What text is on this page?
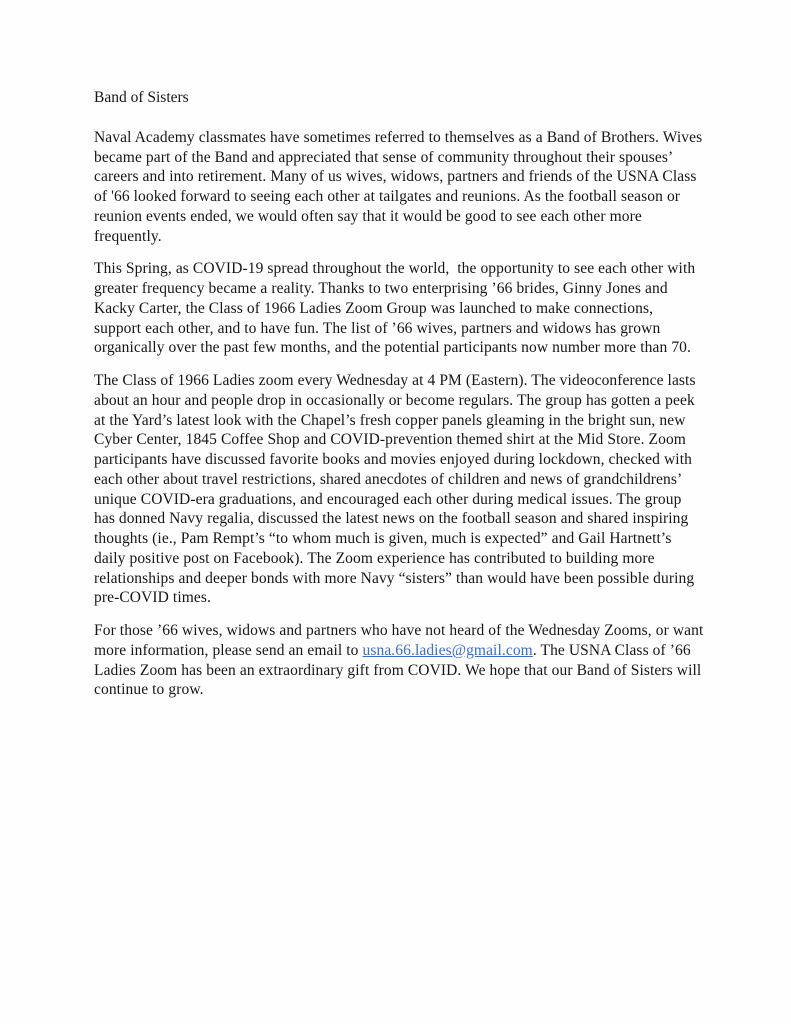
Band of Sisters

Naval Academy classmates have sometimes referred to themselves as a Band of Brothers. Wives became part of the Band and appreciated that sense of community throughout their spouses’ careers and into retirement. Many of us wives, widows, partners and friends of the USNA Class of '66 looked forward to seeing each other at tailgates and reunions. As the football season or reunion events ended, we would often say that it would be good to see each other more frequently.

This Spring, as COVID-19 spread throughout the world,  the opportunity to see each other with greater frequency became a reality. Thanks to two enterprising ’66 brides, Ginny Jones and Kacky Carter, the Class of 1966 Ladies Zoom Group was launched to make connections, support each other, and to have fun. The list of ’66 wives, partners and widows has grown organically over the past few months, and the potential participants now number more than 70.

The Class of 1966 Ladies zoom every Wednesday at 4 PM (Eastern). The videoconference lasts about an hour and people drop in occasionally or become regulars. The group has gotten a peek at the Yard’s latest look with the Chapel’s fresh copper panels gleaming in the bright sun, new Cyber Center, 1845 Coffee Shop and COVID-prevention themed shirt at the Mid Store. Zoom participants have discussed favorite books and movies enjoyed during lockdown, checked with each other about travel restrictions, shared anecdotes of children and news of grandchildrens’ unique COVID-era graduations, and encouraged each other during medical issues. The group has donned Navy regalia, discussed the latest news on the football season and shared inspiring thoughts (ie., Pam Rempt’s “to whom much is given, much is expected” and Gail Hartnett’s daily positive post on Facebook). The Zoom experience has contributed to building more relationships and deeper bonds with more Navy “sisters” than would have been possible during pre-COVID times.

For those ’66 wives, widows and partners who have not heard of the Wednesday Zooms, or want more information, please send an email to usna.66.ladies@gmail.com. The USNA Class of ’66 Ladies Zoom has been an extraordinary gift from COVID. We hope that our Band of Sisters will continue to grow.
